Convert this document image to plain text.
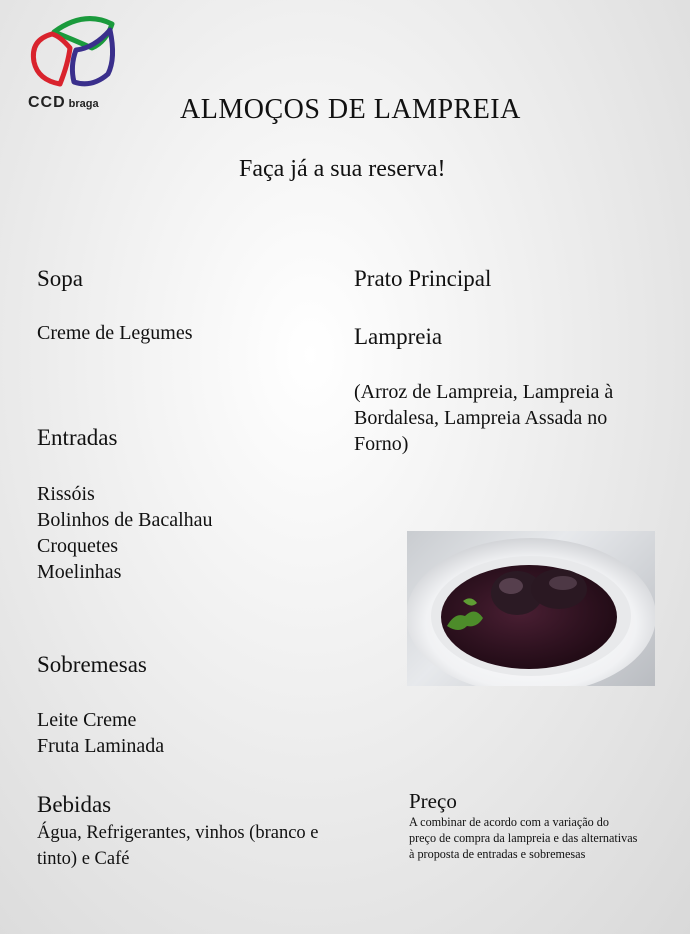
CCD braga	ALMOÇOS DE LAMPREIA
Faça já a sua reserva!
Sopa
Creme de Legumes
Entradas
Rissóis
Bolinhos de Bacalhau
Croquetes
Moelinhas
Sobremesas
Leite Creme
Fruta Laminada
Bebidas
Água, Refrigerantes, vinhos (branco e tinto) e Café
Prato Principal
Lampreia
(Arroz de Lampreia, Lampreia à Bordalesa, Lampreia Assada no Forno)
Preço
A combinar de acordo com a variação do preço de compra da lampreia e das alternativas à proposta de entradas e sobremesas
